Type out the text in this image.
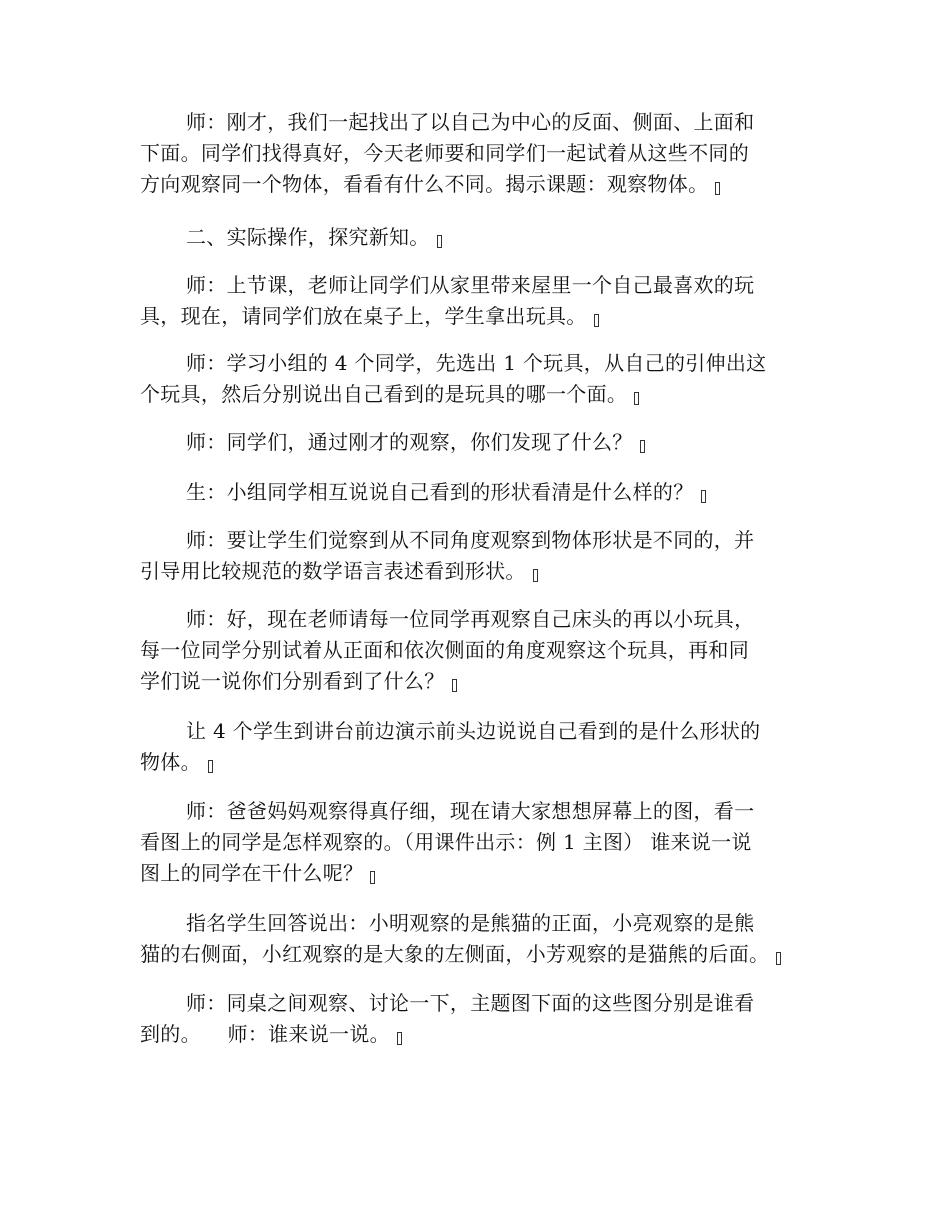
师：刚才，我们一起找出了以自己为中心的反面、侧面、上面和
下面。同学们找得真好，今天老师要和同学们一起试着从这些不同的
方向观察同一个物体，看看有什么不同。揭示课题：观察物体。

二、实际操作，探究新知。

师：上节课，老师让同学们从家里带来屋里一个自己最喜欢的玩
具，现在，请同学们放在桌子上，学生拿出玩具。

师：学习小组的 4 个同学，先选出 1 个玩具，从自己的引伸出这
个玩具，然后分别说出自己看到的是玩具的哪一个面。

师：同学们，通过刚才的观察，你们发现了什么？

生：小组同学相互说说自己看到的形状看清是什么样的？

师：要让学生们觉察到从不同角度观察到物体形状是不同的，并
引导用比较规范的数学语言表述看到形状。

师：好，现在老师请每一位同学再观察自己床头的再以小玩具，
每一位同学分别试着从正面和依次侧面的角度观察这个玩具，再和同
学们说一说你们分别看到了什么？

让 4 个学生到讲台前边演示前头边说说自己看到的是什么形状的
物体。

师：爸爸妈妈观察得真仔细，现在请大家想想屏幕上的图，看一
看图上的同学是怎样观察的。（用课件出示：例 1 主图） 谁来说一说
图上的同学在干什么呢？

指名学生回答说出：小明观察的是熊猫的正面，小亮观察的是熊
猫的右侧面，小红观察的是大象的左侧面，小芳观察的是猫熊的后面。

师：同桌之间观察、讨论一下，主题图下面的这些图分别是谁看
到的。    师：谁来说一说。
